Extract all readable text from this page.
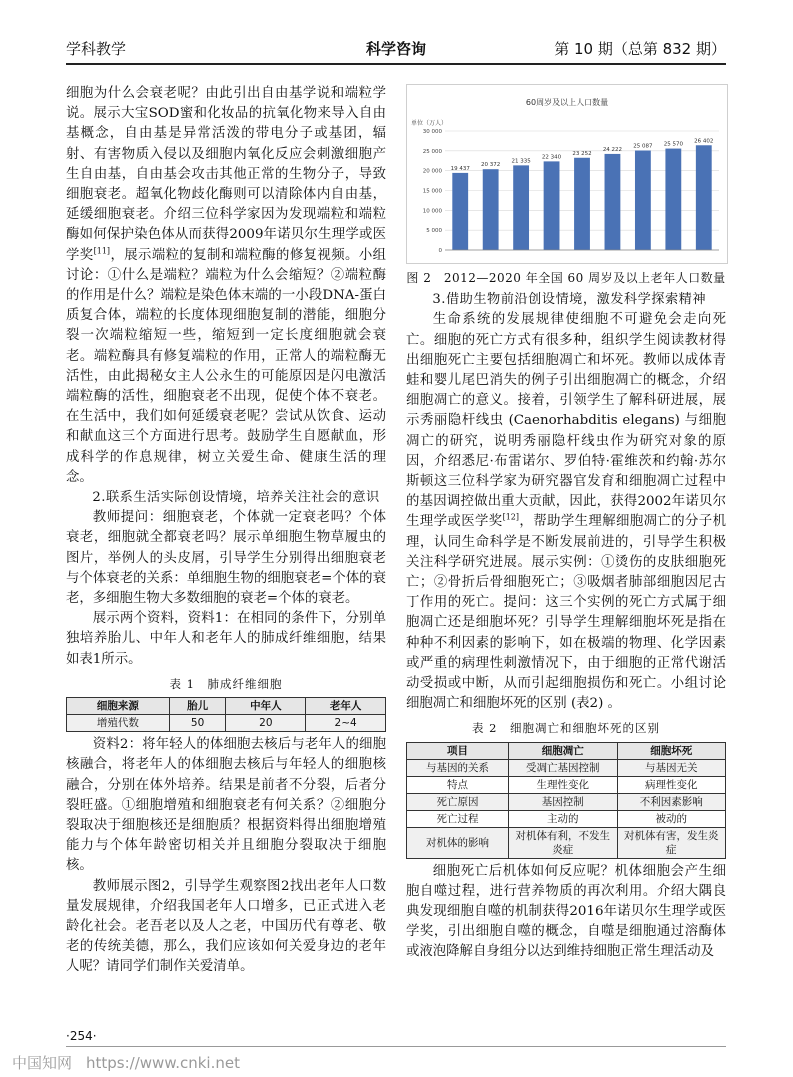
学科教学	科学咨询	第 10 期（总第 832 期）

细胞为什么会衰老呢？由此引出自由基学说和端粒学说。展示大宝SOD蜜和化妆品的抗氧化物来导入自由基概念，自由基是异常活泼的带电分子或基团，辐射、有害物质入侵以及细胞内氧化反应会刺激细胞产生自由基，自由基会攻击其他正常的生物分子，导致细胞衰老。超氧化物歧化酶则可以清除体内自由基，延缓细胞衰老。介绍三位科学家因为发现端粒和端粒酶如何保护染色体从而获得2009年诺贝尔生理学或医学奖[11]，展示端粒的复制和端粒酶的修复视频。小组讨论：①什么是端粒？端粒为什么会缩短？②端粒酶的作用是什么？端粒是染色体末端的一小段DNA-蛋白质复合体，端粒的长度体现细胞复制的潜能，细胞分裂一次端粒缩短一些，缩短到一定长度细胞就会衰老。端粒酶具有修复端粒的作用，正常人的端粒酶无活性，由此揭秘女主人公永生的可能原因是闪电激活端粒酶的活性，细胞衰老不出现，促使个体不衰老。在生活中，我们如何延缓衰老呢？尝试从饮食、运动和献血这三个方面进行思考。鼓励学生自愿献血，形成科学的作息规律，树立关爱生命、健康生活的理念。

2.联系生活实际创设情境，培养关注社会的意识

教师提问：细胞衰老，个体就一定衰老吗？个体衰老，细胞就全都衰老吗？展示单细胞生物草履虫的图片，举例人的头皮屑，引导学生分别得出细胞衰老与个体衰老的关系：单细胞生物的细胞衰老=个体的衰老，多细胞生物大多数细胞的衰老=个体的衰老。

展示两个资料，资料1：在相同的条件下，分别单独培养胎儿、中年人和老年人的肺成纤维细胞，结果如表1所示。

表 1　肺成纤维细胞
细胞来源	胎儿	中年人	老年人
增殖代数	50	20	2~4

资料2：将年轻人的体细胞去核后与老年人的细胞核融合，将老年人的体细胞去核后与年轻人的细胞核融合，分别在体外培养。结果是前者不分裂，后者分裂旺盛。①细胞增殖和细胞衰老有何关系？②细胞分裂取决于细胞核还是细胞质？根据资料得出细胞增殖能力与个体年龄密切相关并且细胞分裂取决于细胞核。

教师展示图2，引导学生观察图2找出老年人口数量发展规律，介绍我国老年人口增多，已正式进入老龄化社会。老吾老以及人之老，中国历代有尊老、敬老的传统美德，那么，我们应该如何关爱身边的老年人呢？请同学们制作关爱清单。

60周岁及以上人口数量
单位（万人）
0
5 000
10 000
15 000
20 000
25 000
30 000
19 437
20 372
21 335
22 340
23 252
24 222
25 087 25 570
26 402
图 2　2012—2020 年全国 60 周岁及以上老年人口数量
3.借助生物前沿创设情境，激发科学探索精神

生命系统的发展规律使细胞不可避免会走向死亡。细胞的死亡方式有很多种，组织学生阅读教材得出细胞死亡主要包括细胞凋亡和坏死。教师以成体青蛙和婴儿尾巴消失的例子引出细胞凋亡的概念，介绍细胞凋亡的意义。接着，引领学生了解科研进展，展示秀丽隐杆线虫 (Caenorhabditis elegans) 与细胞凋亡的研究，说明秀丽隐杆线虫作为研究对象的原因，介绍悉尼·布雷诺尔、罗伯特·霍维茨和约翰·苏尔斯顿这三位科学家为研究器官发育和细胞凋亡过程中的基因调控做出重大贡献，因此，获得2002年诺贝尔生理学或医学奖[12]，帮助学生理解细胞凋亡的分子机理，认同生命科学是不断发展前进的，引导学生积极关注科学研究进展。展示实例：①烫伤的皮肤细胞死亡；②骨折后骨细胞死亡；③吸烟者肺部细胞因尼古丁作用的死亡。提问：这三个实例的死亡方式属于细胞凋亡还是细胞坏死？引导学生理解细胞坏死是指在种种不利因素的影响下，如在极端的物理、化学因素或严重的病理性刺激情况下，由于细胞的正常代谢活动受损或中断，从而引起细胞损伤和死亡。小组讨论细胞凋亡和细胞坏死的区别 (表2) 。

表 2　细胞凋亡和细胞坏死的区别
项目	细胞凋亡	细胞坏死
与基因的关系	受凋亡基因控制	与基因无关
特点	生理性变化	病理性变化
死亡原因	基因控制	不利因素影响
死亡过程	主动的	被动的
对机体的影响	对机体有利，不发生炎症	对机体有害，发生炎症

细胞死亡后机体如何反应呢？机体细胞会产生细胞自噬过程，进行营养物质的再次利用。介绍大隅良典发现细胞自噬的机制获得2016年诺贝尔生理学或医学奖，引出细胞自噬的概念，自噬是细胞通过溶酶体或液泡降解自身组分以达到维持细胞正常生理活动及

·254·
中国知网 https://www.cnki.net
